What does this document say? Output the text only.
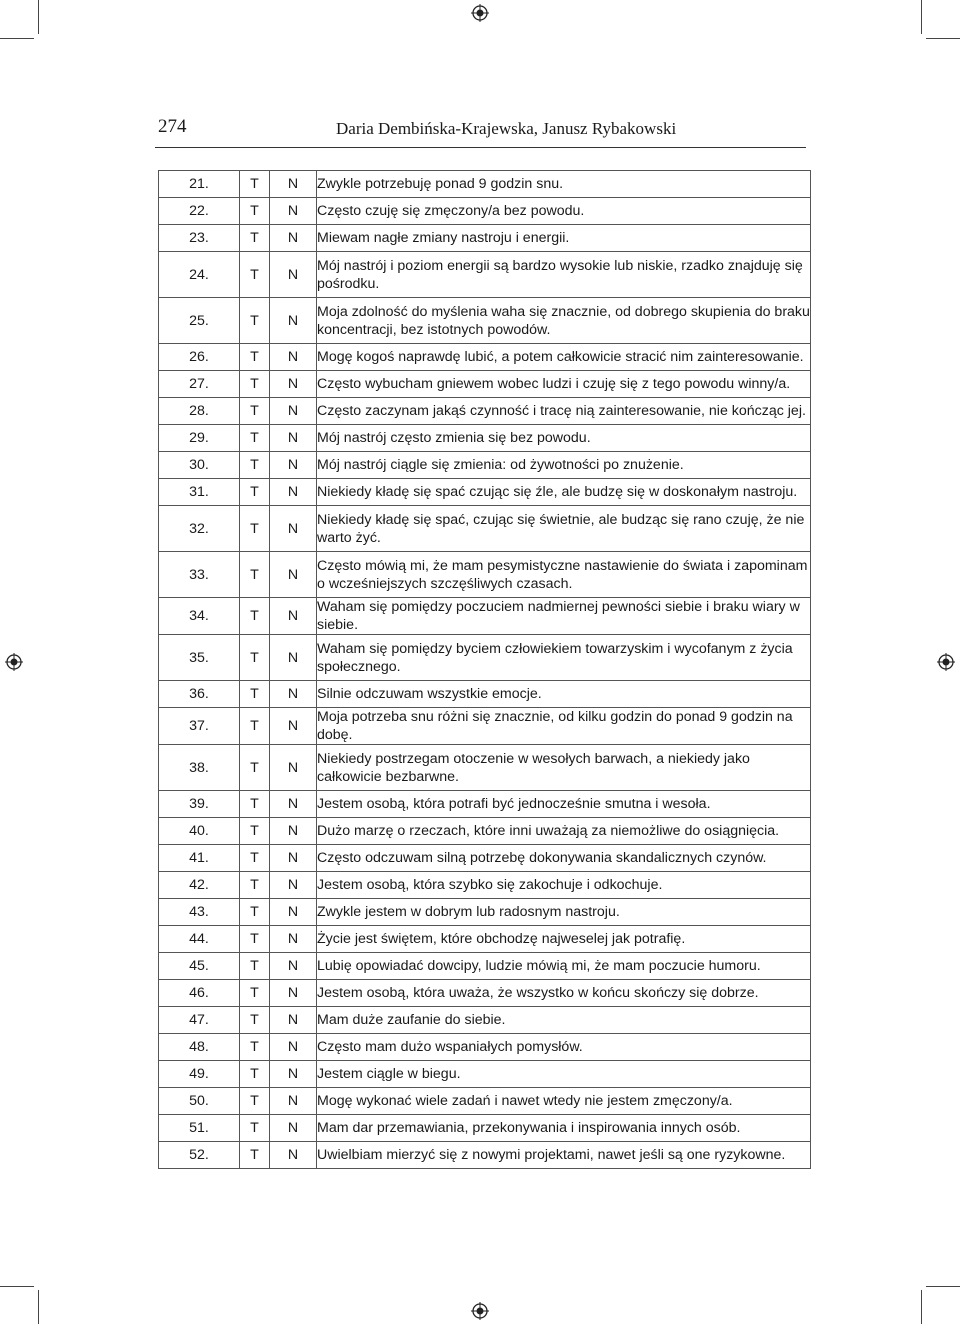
274	Daria Dembińska-Krajewska, Janusz Rybakowski
21.	T	N	Zwykle potrzebuję ponad 9 godzin snu.
22.	T	N	Często czuję się zmęczony/a bez powodu.
23.	T	N	Miewam nagłe zmiany nastroju i energii.
24.	T	N	Mój nastrój i poziom energii są bardzo wysokie lub niskie, rzadko znajduję się pośrodku.
25.	T	N	Moja zdolność do myślenia waha się znacznie, od dobrego skupienia do braku koncentracji, bez istotnych powodów.
26.	T	N	Mogę kogoś naprawdę lubić, a potem całkowicie stracić nim zainteresowanie.
27.	T	N	Często wybucham gniewem wobec ludzi i czuję się z tego powodu winny/a.
28.	T	N	Często zaczynam jakąś czynność i tracę nią zainteresowanie, nie kończąc jej.
29.	T	N	Mój nastrój często zmienia się bez powodu.
30.	T	N	Mój nastrój ciągle się zmienia: od żywotności po znużenie.
31.	T	N	Niekiedy kładę się spać czując się źle, ale budzę się w doskonałym nastroju.
32.	T	N	Niekiedy kładę się spać, czując się świetnie, ale budząc się rano czuję, że nie warto żyć.
33.	T	N	Często mówią mi, że mam pesymistyczne nastawienie do świata i zapominam o wcześniejszych szczęśliwych czasach.
34.	T	N	Waham się pomiędzy poczuciem nadmiernej pewności siebie i braku wiary w siebie.
35.	T	N	Waham się pomiędzy byciem człowiekiem towarzyskim i wycofanym z życia społecznego.
36.	T	N	Silnie odczuwam wszystkie emocje.
37.	T	N	Moja potrzeba snu różni się znacznie, od kilku godzin do ponad 9 godzin na dobę.
38.	T	N	Niekiedy postrzegam otoczenie w wesołych barwach, a niekiedy jako całkowicie bezbarwne.
39.	T	N	Jestem osobą, która potrafi być jednocześnie smutna i wesoła.
40.	T	N	Dużo marzę o rzeczach, które inni uważają za niemożliwe do osiągnięcia.
41.	T	N	Często odczuwam silną potrzebę dokonywania skandalicznych czynów.
42.	T	N	Jestem osobą, która szybko się zakochuje i odkochuje.
43.	T	N	Zwykle jestem w dobrym lub radosnym nastroju.
44.	T	N	Życie jest świętem, które obchodzę najweselej jak potrafię.
45.	T	N	Lubię opowiadać dowcipy, ludzie mówią mi, że mam poczucie humoru.
46.	T	N	Jestem osobą, która uważa, że wszystko w końcu skończy się dobrze.
47.	T	N	Mam duże zaufanie do siebie.
48.	T	N	Często mam dużo wspaniałych pomysłów.
49.	T	N	Jestem ciągle w biegu.
50.	T	N	Mogę wykonać wiele zadań i nawet wtedy nie jestem zmęczony/a.
51.	T	N	Mam dar przemawiania, przekonywania i inspirowania innych osób.
52.	T	N	Uwielbiam mierzyć się z nowymi projektami, nawet jeśli są one ryzykowne.
